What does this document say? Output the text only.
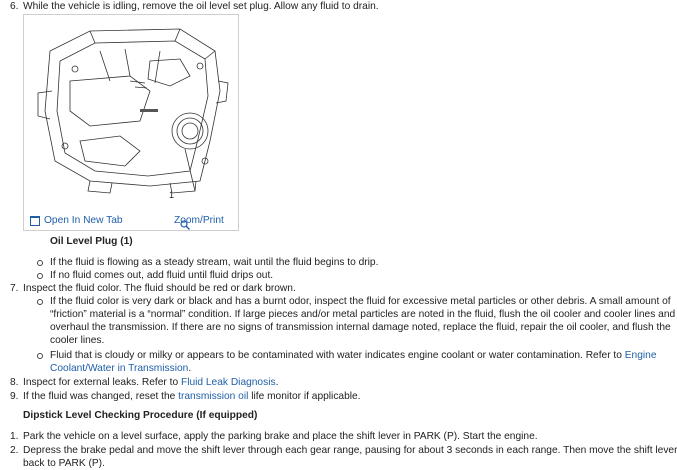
6. While the vehicle is idling, remove the oil level set plug. Allow any fluid to drain.
1
Open In New Tab	Zoom/Print
Oil Level Plug (1)
If the fluid is flowing as a steady stream, wait until the fluid begins to drip.
If no fluid comes out, add fluid until fluid drips out.
7. Inspect the fluid color. The fluid should be red or dark brown.
If the fluid color is very dark or black and has a burnt odor, inspect the fluid for excessive metal particles or other debris. A small amount of
“friction” material is a “normal” condition. If large pieces and/or metal particles are noted in the fluid, flush the oil cooler and cooler lines and
overhaul the transmission. If there are no signs of transmission internal damage noted, replace the fluid, repair the oil cooler, and flush the
cooler lines.
Fluid that is cloudy or milky or appears to be contaminated with water indicates engine coolant or water contamination. Refer to Engine
Coolant/Water in Transmission.
8. Inspect for external leaks. Refer to Fluid Leak Diagnosis.
9. If the fluid was changed, reset the transmission oil life monitor if applicable.
Dipstick Level Checking Procedure (If equipped)
1. Park the vehicle on a level surface, apply the parking brake and place the shift lever in PARK (P). Start the engine.
2. Depress the brake pedal and move the shift lever through each gear range, pausing for about 3 seconds in each range. Then move the shift lever
back to PARK (P).
